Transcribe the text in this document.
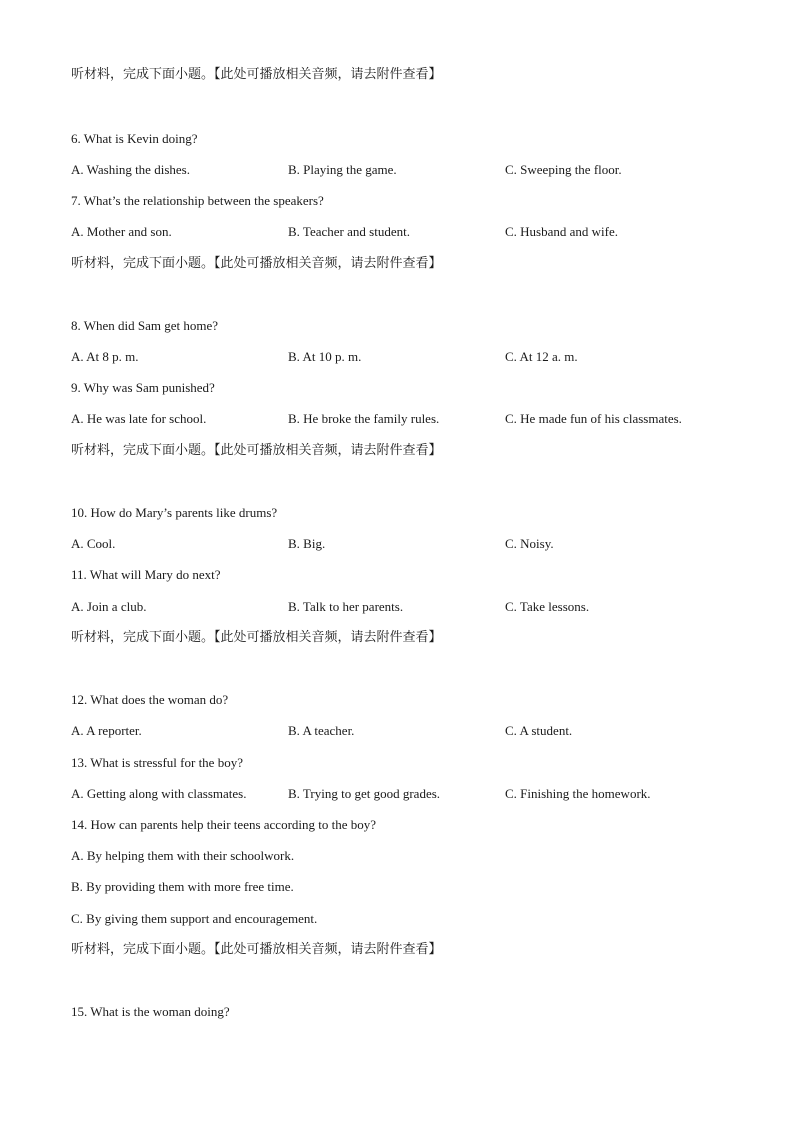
听材料，完成下面小题。【此处可播放相关音频，请去附件查看】
6. What is Kevin doing?
A. Washing the dishes.	B. Playing the game.	C. Sweeping the floor.
7. What’s the relationship between the speakers?
A. Mother and son.	B. Teacher and student.	C. Husband and wife.
听材料，完成下面小题。【此处可播放相关音频，请去附件查看】
8. When did Sam get home?
A. At 8 p. m.	B. At 10 p. m.	C. At 12 a. m.
9. Why was Sam punished?
A. He was late for school.	B. He broke the family rules.	C. He made fun of his classmates.
听材料，完成下面小题。【此处可播放相关音频，请去附件查看】
10. How do Mary’s parents like drums?
A. Cool.	B. Big.	C. Noisy.
11. What will Mary do next?
A. Join a club.	B. Talk to her parents.	C. Take lessons.
听材料，完成下面小题。【此处可播放相关音频，请去附件查看】
12. What does the woman do?
A. A reporter.	B. A teacher.	C. A student.
13. What is stressful for the boy?
A. Getting along with classmates.	B. Trying to get good grades.	C. Finishing the homework.
14. How can parents help their teens according to the boy?
A. By helping them with their schoolwork.
B. By providing them with more free time.
C. By giving them support and encouragement.
听材料，完成下面小题。【此处可播放相关音频，请去附件查看】
15. What is the woman doing?
